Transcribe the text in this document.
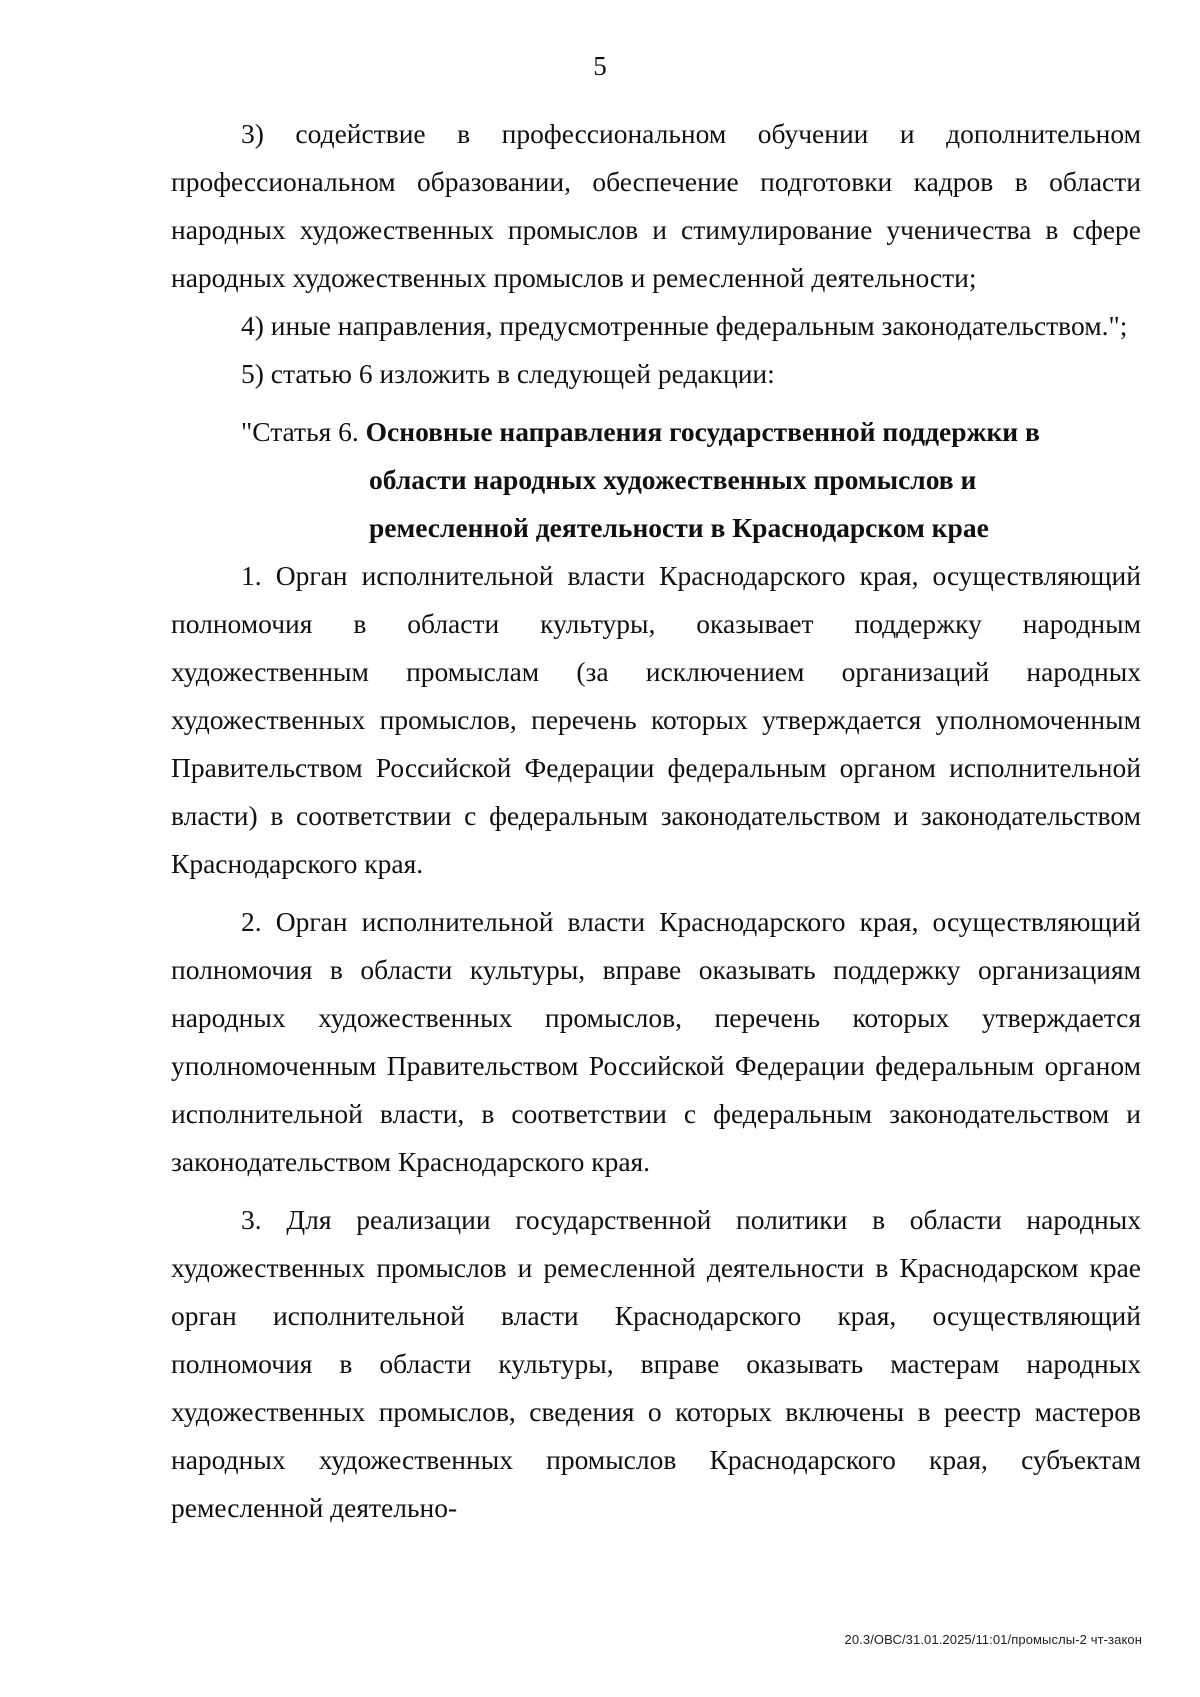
5

3) содействие в профессиональном обучении и дополнительном профессиональном образовании, обеспечение подготовки кадров в области народных художественных промыслов и стимулирование ученичества в сфере народных художественных промыслов и ремесленной деятельности;

4) иные направления, предусмотренные федеральным законодательством.";

5) статью 6 изложить в следующей редакции:

"Статья 6. Основные направления государственной поддержки в области народных художественных промыслов и ремесленной деятельности в Краснодарском крае

1. Орган исполнительной власти Краснодарского края, осуществляющий полномочия в области культуры, оказывает поддержку народным художественным промыслам (за исключением организаций народных художественных промыслов, перечень которых утверждается уполномоченным Правительством Российской Федерации федеральным органом исполнительной власти) в соответствии с федеральным законодательством и законодательством Краснодарского края.

2. Орган исполнительной власти Краснодарского края, осуществляющий полномочия в области культуры, вправе оказывать поддержку организациям народных художественных промыслов, перечень которых утверждается уполномоченным Правительством Российской Федерации федеральным органом исполнительной власти, в соответствии с федеральным законодательством и законодательством Краснодарского края.

3. Для реализации государственной политики в области народных художественных промыслов и ремесленной деятельности в Краснодарском крае орган исполнительной власти Краснодарского края, осуществляющий полномочия в области культуры, вправе оказывать мастерам народных художественных промыслов, сведения о которых включены в реестр мастеров народных художественных промыслов Краснодарского края, субъектам ремесленной деятельно-

20.3/ОВС/31.01.2025/11:01/промыслы-2 чт-закон
